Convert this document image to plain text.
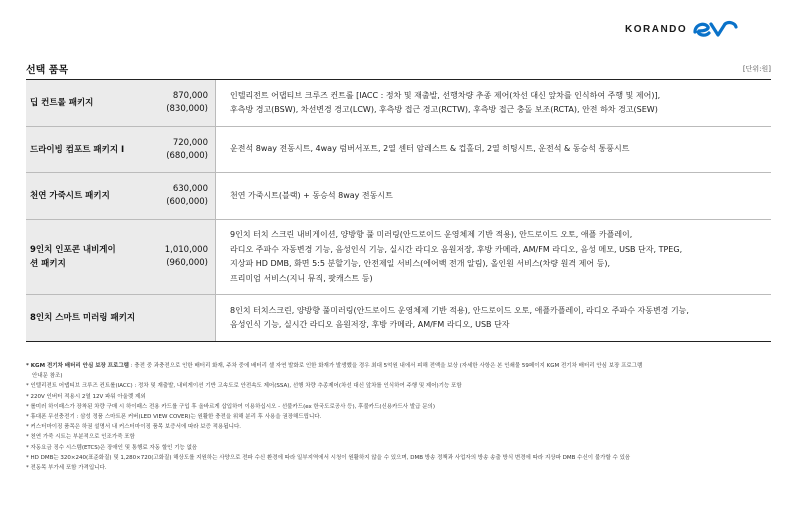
KORANDO
선택 품목	[단위:원]
딥 컨트롤 패키지
870,000
(830,000)
인텔리전트 어댑티브 크루즈 컨트롤 [IACC : 정차 및 재출발, 선행차량 추종 제어(차선 대신 앞차를 인식하여 주행 및 제어)],
후측방 경고(BSW), 차선변경 경고(LCW), 후측방 접근 경고(RCTW), 후측방 접근 충돌 보조(RCTA), 안전 하차 경고(SEW)
드라이빙 컴포트 패키지 I
720,000
(680,000)
운전석 8way 전동시트, 4way 럼버서포트, 2열 센터 암레스트 & 컵홀더, 2열 히팅시트, 운전석 & 동승석 통풍시트
천연 가죽시트 패키지
630,000
(600,000)
천연 가죽시트(블랙) + 동승석 8way 전동시트
9인치 인포콘 내비게이션 패키지
1,010,000
(960,000)
9인치 터치 스크린 내비게이션, 양방향 풀 미러링(안드로이드 운영체제 기반 적용), 안드로이드 오토, 애플 카플레이,
라디오 주파수 자동변경 기능, 음성인식 기능, 실시간 라디오 음원저장, 후방 카메라, AM/FM 라디오, 음성 메모, USB 단자, TPEG,
지상파 HD DMB, 화면 5:5 분할기능, 안전제일 서비스(에어백 전개 알림), 올인원 서비스(차량 원격 제어 등),
프리미엄 서비스(지니 뮤직, 팟캐스트 등)
8인치 스마트 미러링 패키지
8인치 터치스크린, 양방향 풀미러링(안드로이드 운영체제 기반 적용), 안드로이드 오토, 애플카플레이, 라디오 주파수 자동변경 기능,
음성인식 기능, 실시간 라디오 음원저장, 후방 카메라, AM/FM 라디오, USB 단자
* KGM 전기차 배터리 안심 보장 프로그램 : 충전 중 과충전으로 인한 배터리 화재, 주차 중에 배터리 셀 자연 발화로 인한 화재가 발생했을 경우 최대 5억원 내에서 피해 전액을 보상 (자세한 사항은 본 인쇄물 59페이지 KGM 전기차 배터리 안심 보장 프로그램
안내문 참조)
* 인텔리전트 어댑티브 크루즈 컨트롤(IACC) : 정차 및 재출발, 내비게이션 기반 고속도로 안전속도 제어(SSA), 선행 차량 추종제어(차선 대신 앞차를 인식하여 주행 및 제어)기능 포함
* 220V 인버터 적용시 2열 12V 파워 아울렛 제외
* 롤미러 하이패스가 장착된 차량 구매 시 하이패스 전용 카드를 구입 후 올바르게 삽입하여 이용하십시오 - 선불카드(ex 한국도로공사 등), 후불카드(신용카드사 발급 문의)
* 휴대폰 무선충전기 : 삼성 정품 스마트폰 커버(LED VIEW COVER)는 원활한 충전을 위해 분리 후 사용을 권장해드립니다.
* 커스터마이징 품목은 하권 설명서 내 커스터마이징 품목 보증서에 따라 보증 적용됩니다.
* 천연 가죽 시트는 부분적으로 인조가죽 포함
* 자동요금 징수 시스템(ETCS)은 장애인 및 통행료 자동 할인 기능 없음
* HD DMB는 320×240(표준화질) 및 1,280×720(고화질) 해상도를 지원하는 사양으로 전파 수신 환경에 따라 일부지역에서 시청이 원활하지 않을 수 있으며, DMB 방송 정책과 사업자의 방송 송출 방식 변경에 따라 지상파 DMB 수신이 불가할 수 있음
* 전동목 부가세 포함 가격입니다.
